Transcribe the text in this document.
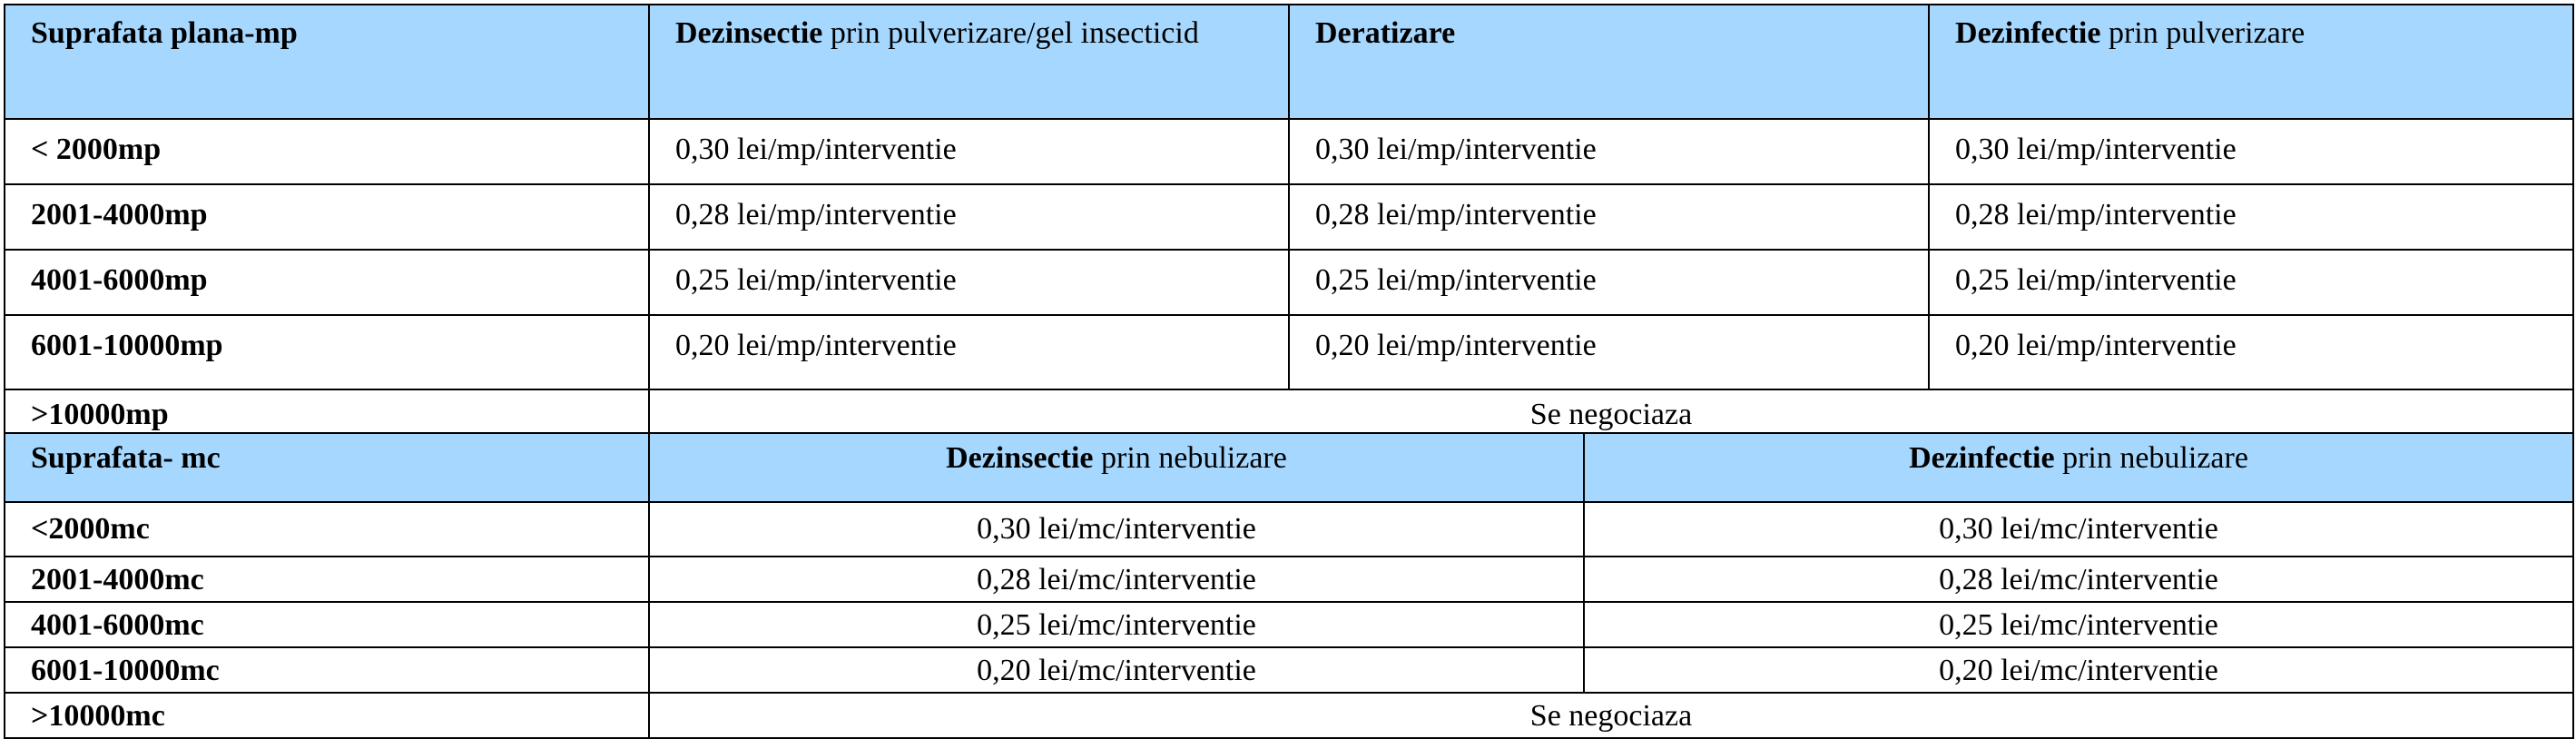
Suprafata plana-mp	Dezinsectie prin pulverizare/gel insecticid	Deratizare		Dezinfectie prin pulverizare
< 2000mp	0,30 lei/mp/interventie	0,30 lei/mp/interventie		0,30 lei/mp/interventie
2001-4000mp	0,28 lei/mp/interventie	0,28 lei/mp/interventie		0,28 lei/mp/interventie
4001-6000mp	0,25 lei/mp/interventie	0,25 lei/mp/interventie		0,25 lei/mp/interventie
6001-10000mp	0,20 lei/mp/interventie	0,20 lei/mp/interventie		0,20 lei/mp/interventie
>10000mp	Se negociaza			
Suprafata- mc	Dezinsectie prin nebulizare		Dezinfectie prin nebulizare	
<2000mc	0,30 lei/mc/interventie		0,30 lei/mc/interventie	
2001-4000mc	0,28 lei/mc/interventie		0,28 lei/mc/interventie	
4001-6000mc	0,25 lei/mc/interventie		0,25 lei/mc/interventie	
6001-10000mc	0,20 lei/mc/interventie		0,20 lei/mc/interventie	
>10000mc	Se negociaza			
